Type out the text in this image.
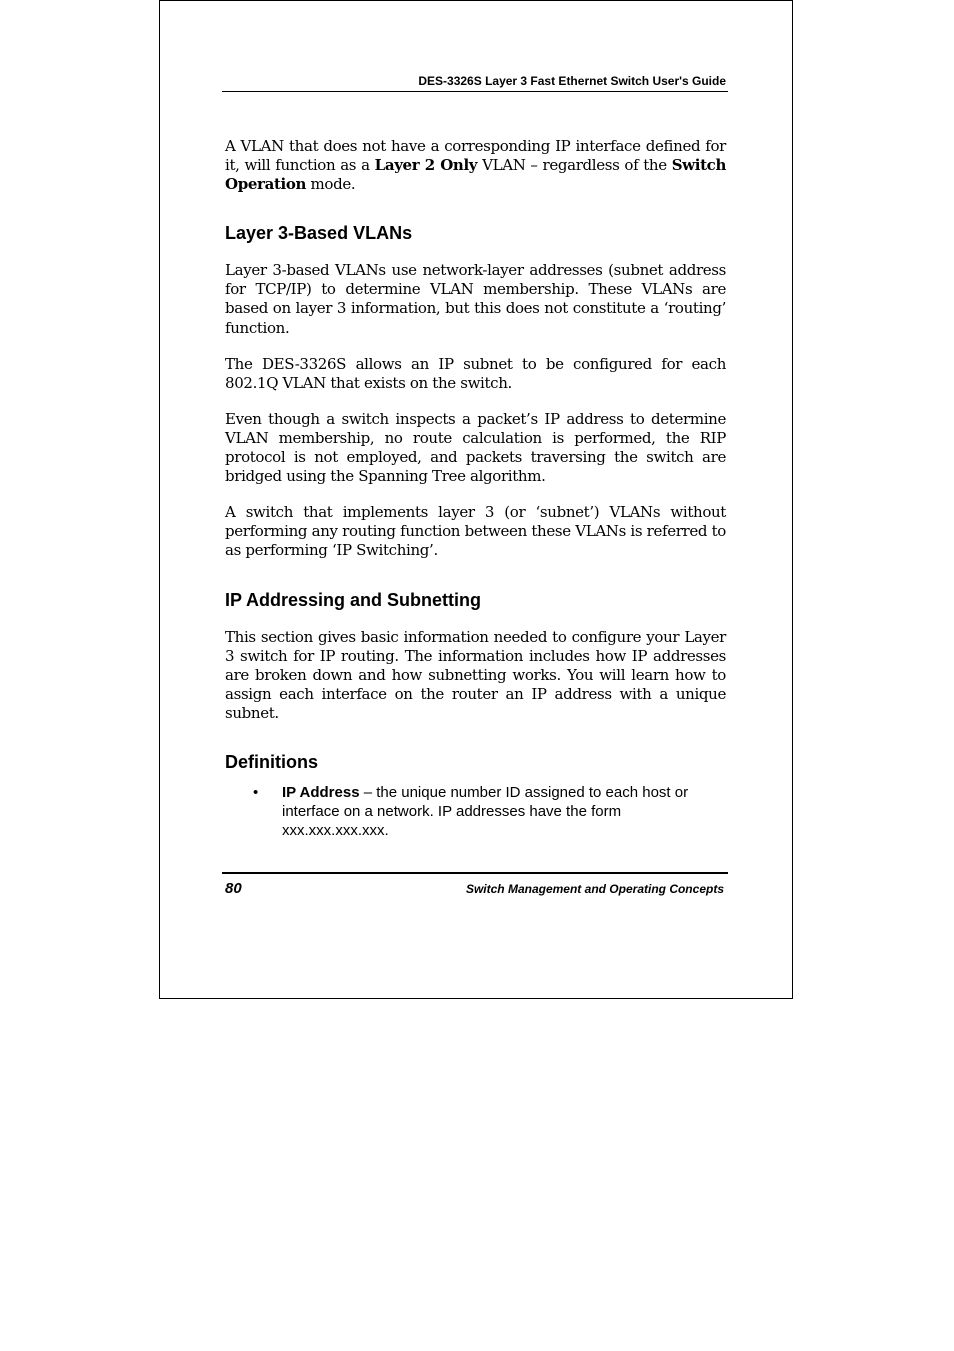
DES-3326S Layer 3 Fast Ethernet Switch User's Guide

A VLAN that does not have a corresponding IP interface defined for it, will function as a Layer 2 Only VLAN – regardless of the Switch Operation mode.

Layer 3-Based VLANs

Layer 3-based VLANs use network-layer addresses (subnet address for TCP/IP) to determine VLAN membership. These VLANs are based on layer 3 information, but this does not constitute a ‘routing’ function.

The DES-3326S allows an IP subnet to be configured for each 802.1Q VLAN that exists on the switch.

Even though a switch inspects a packet’s IP address to determine VLAN membership, no route calculation is performed, the RIP protocol is not employed, and packets traversing the switch are bridged using the Spanning Tree algorithm.

A switch that implements layer 3 (or ‘subnet’) VLANs without performing any routing function between these VLANs is referred to as performing ‘IP Switching’.

IP Addressing and Subnetting

This section gives basic information needed to configure your Layer 3 switch for IP routing. The information includes how IP addresses are broken down and how subnetting works. You will learn how to assign each interface on the router an IP address with a unique subnet.

Definitions
• IP Address – the unique number ID assigned to each host or interface on a network. IP addresses have the form xxx.xxx.xxx.xxx.
80	Switch Management and Operating Concepts
